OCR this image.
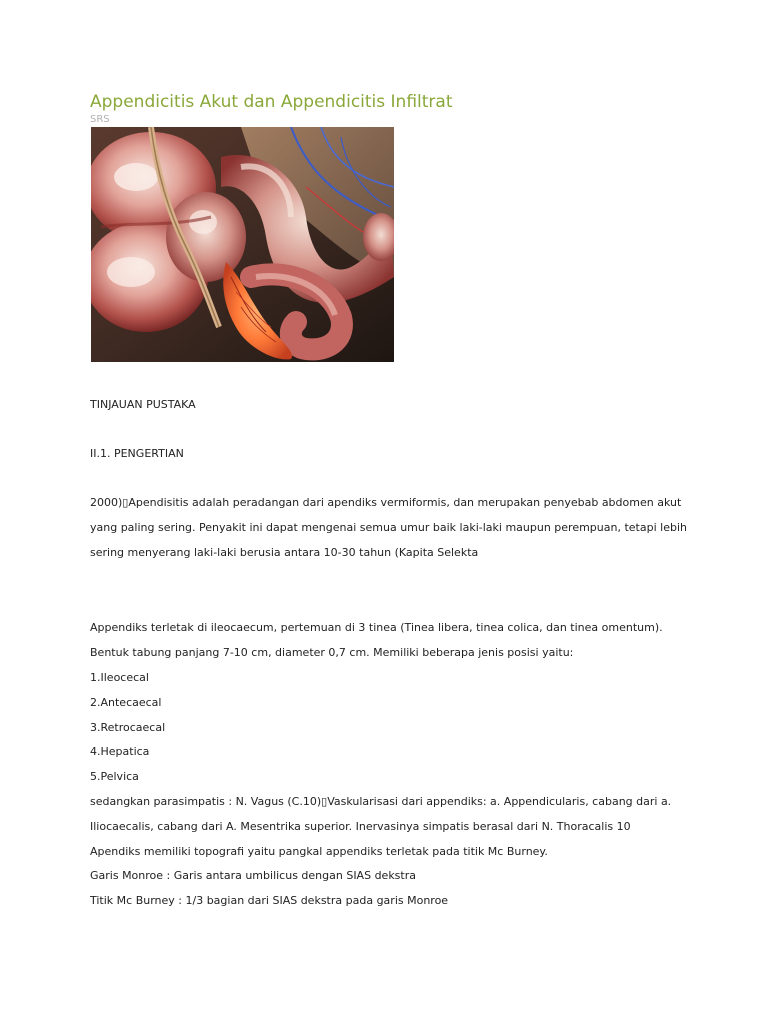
Appendicitis Akut dan Appendicitis Infiltrat
SRS
TINJAUAN PUSTAKA
II.1. PENGERTIAN
2000)▯Apendisitis adalah peradangan dari apendiks vermiformis, dan merupakan penyebab abdomen akut
yang paling sering. Penyakit ini dapat mengenai semua umur baik laki-laki maupun perempuan, tetapi lebih
sering menyerang laki-laki berusia antara 10-30 tahun (Kapita Selekta
Appendiks terletak di ileocaecum, pertemuan di 3 tinea (Tinea libera, tinea colica, dan tinea omentum).
Bentuk tabung panjang 7-10 cm, diameter 0,7 cm. Memiliki beberapa jenis posisi yaitu:
1.Ileocecal
2.Antecaecal
3.Retrocaecal
4.Hepatica
5.Pelvica
sedangkan parasimpatis : N. Vagus (C.10)▯Vaskularisasi dari appendiks: a. Appendicularis, cabang dari a.
Iliocaecalis, cabang dari A. Mesentrika superior. Inervasinya simpatis berasal dari N. Thoracalis 10
Apendiks memiliki topografi yaitu pangkal appendiks terletak pada titik Mc Burney.
Garis Monroe : Garis antara umbilicus dengan SIAS dekstra
Titik Mc Burney : 1/3 bagian dari SIAS dekstra pada garis Monroe
